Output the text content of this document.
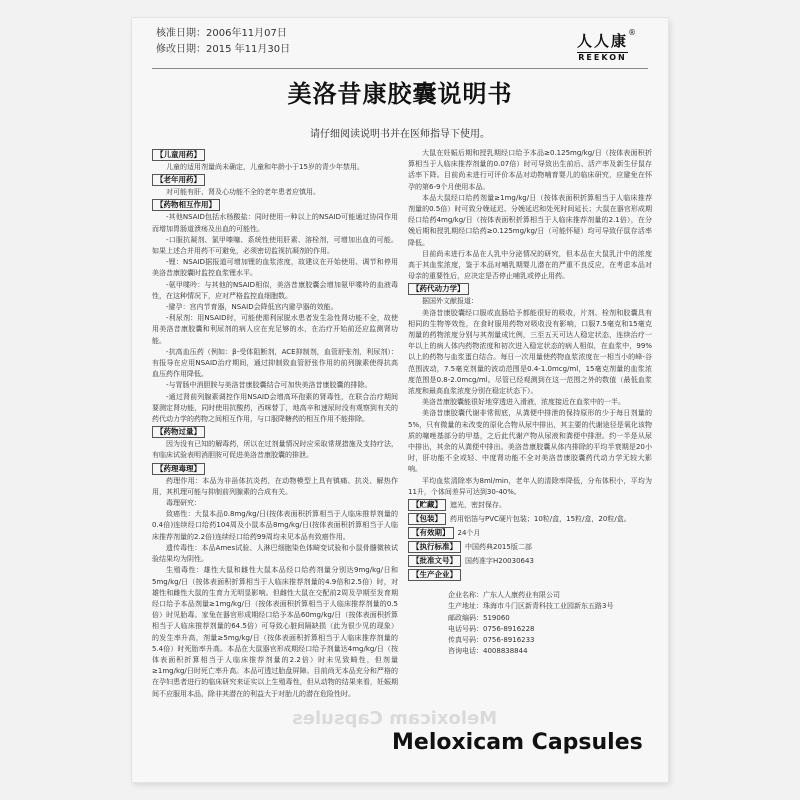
核准日期：2006年11月07日
修改日期：2015 年11月30日	人人康
REEKON
®
美洛昔康胶囊说明书
请仔细阅读说明书并在医师指导下使用。
【儿童用药】

儿童的适用剂量尚未确定，儿童和年龄小于15岁的青少年禁用。

【老年用药】

对可能有肝、肾及心功能不全的老年患者应慎用。

【药物相互作用】

-其他NSAID包括水杨酸盐：同时使用一种以上的NSAID可能通过协同作用而增加胃肠道溃疡及出血的可能性。

-口服抗凝剂、氯甲嗪噻、系统性使用肝素、溶栓剂，可增加出血的可能。如果上述合并用药不可避免，必须密切监视抗凝剂的作用。

-锂：NSAID据报道可增加锂的血浆浓度，故建议在开始使用、调节和停用美洛昔康胶囊时监控血浆锂水平。

-氨甲喋呤：与其他的NSAID相似，美洛昔康胶囊会增加氨甲喋呤的血液毒性，在这种情况下，应对严格监控血细胞数。

-避孕：宫内节育器，NSAID会降低宫内避孕器的效能。

-利尿剂：用NSAID时，可能使需利尿脱水患者发生急性肾功能不全，故使用美洛昔康胶囊和利尿剂的病人应在充足够的水，在治疗开始前还应监测肾功能。

-抗高血压药（例如：β-受体阻断剂，ACE抑制剂，血管舒张剂，利尿剂）：有报导在应用NSAID治疗期间，通过抑制致血管舒张作用的前列腺素使得抗高血压药作用降低。

-与胃肠中消胆胺与美洛昔康胶囊结合可加快美洛昔康胶囊的排除。

-通过肾前列腺素调控作用NSAID会增高环孢素的肾毒性，在联合治疗期间要测定肾功能，同时使用抗酸药，西咪替丁，地高辛和速尿时没有观察到有关的药代动力学的药物之间相互作用，与口服降糖药的相互作用不能排除。

【药物过量】

因为没有已知的解毒药，所以在过剂量情况时应采取常规措施及支持疗法，有临床试验表明消胆胺可促进美洛昔康胶囊的排泄。

【药理毒理】

药理作用：本品为非甾体抗炎药，在动物模型上具有镇痛、抗炎、解热作用，其机理可能与抑制前列腺素的合成有关。

毒理研究：

致癌性：大鼠本品0.8mg/kg/日(按体表面积折算相当于人临床推荐剂量的0.4倍)连续经口给药104周及小鼠本品8mg/kg/日(按体表面积折算相当于人临床推荐剂量的2.2倍)连续经口给药99周均未见本品有致癌作用。

遗传毒性：本品Ames试验、人淋巴细胞染色体畸变试验和小鼠骨髓微核试验结果均为阴性。

生殖毒性：雄性大鼠和雌性大鼠本品经口给药剂量分别达9mg/kg/日和5mg/kg/日（按体表面积折算相当于人临床推荐剂量的4.9倍和2.5倍）时，对雄性和雌性大鼠的生育力无明显影响。但雌性大鼠在交配前2周及孕期至发育期经口给予本品剂量≥1mg/kg/日（按体表面积折算相当于人临床推荐剂量的0.5倍）时见胎毒。家兔在器官形成期经口给予本品60mg/kg/日（按体表面积折算相当于人临床推荐剂量的64.5倍）可导致心脏间隔缺损（此为很少见的现象）的发生率升高，剂量≥5mg/kg/日（按体表面积折算相当于人临床推荐剂量的5.4倍）时死胎率升高。本品在大鼠器官形成期经口给予剂量达4mg/kg/日（按体表面积折算相当于人临床推荐剂量的2.2倍）时未见致畸性，但剂量≥1mg/kg/日时死亡率升高。本品可透过胎盘屏障。目前尚无本品充分和严格的在孕妇患者进行的临床研究来证实以上生殖毒性，但从动物的结果来看，妊娠期间不应服用本品，除非其潜在的利益大于对胎儿的潜在危险性时。

大鼠在妊娠后期和授乳期经口给予本品≥0.125mg/kg/日（按体表面积折算相当于人临床推荐剂量的0.07倍）时可导致出生前后、活产率及新生仔鼠存活率下降。目前尚未进行可评价本品对动物哺育婴儿的临床研究，应避免在怀孕的第6-9个月使用本品。

本品大鼠经口给药剂量≥1mg/kg/日（按体表面积折算相当于人临床推荐剂量的0.5倍）时可致分娩延迟、分娩延迟和处死时间延长；大鼠在器官形成期经口给药4mg/kg/日（按体表面积折算相当于人临床推荐剂量的2.1倍），在分娩后期和授乳期经口给药≥0.125mg/kg/日（可能怀疑）均可导致仔鼠存活率降低。

目前尚未进行本品在人乳中分泌情况的研究，但本品在大鼠乳汁中的浓度高于其血浆浓度，鉴于本品对哺乳期婴儿潜在的严重不良反应，在考虑本品对母亲的重要性后，应决定是否停止哺乳或停止用药。

【药代动力学】

据国外文献报道：

美洛昔康胶囊经口服或直肠给予都能很好的吸收，片剂、栓剂和胶囊具有相同的生物等效性，在食时服用药物对吸收没有影响，口服7.5毫克和15毫克剂量的药物浓度分别与其剂量成比例，三至五天可达人稳定状态，连续治疗一年以上的病人体内药物浓度和初次进入稳定状态的病人相似，在血浆中，99%以上的药物与血浆蛋白结合。每日一次用量使药物血浆浓度在一相当小的峰-谷范围波动，7.5毫克剂量的波动范围是0.4-1.0mcg/ml，15毫克剂量的血浆浓度范围是0.8-2.0mcg/ml。尽管已经观测到在这一范围之外的数值（最低血浆浓度和最高血浆浓度分别在稳定状态下）。

美洛昔康胶囊能很好地穿透进入滑液，浓度接近在血浆中的一半。

美洛昔康胶囊代谢非常彻底，从粪便中排泄的保持原形的少于每日剂量的5%，只有微量的未改变的原化合物从尿中排出，其主要的代谢途径是氧化该物质的噻唑基部分的甲基，之后此代谢产物从尿液和粪便中排泄。约一半是从尿中排出，其余的从粪便中排出。美洛昔康胶囊从体内排除的平均半衰期是20小时，肝功能不全或轻、中度肾功能不全对美洛昔康胶囊药代动力学无较大影响。

平均血浆清除率为8ml/min，老年人的清除率降低，分布体积小，平均为11升，个体间差异可达到30-40%。

【贮藏】 遮光，密封保存。
【包装】 药用铝箔与PVC硬片包装；10粒/盒，15粒/盒，20粒/盒。
【有效期】 24个月
【执行标准】 中国药典2015版二部
【批准文号】 国药准字H20030643
【生产企业】
企业名称：广东人人康药业有限公司
生产地址：珠海市斗门区新青科技工业园新东五路3号
邮政编码：519060
电话号码：0756-8916228
传真号码：0756-8916233
咨询电话：4008838844
Meloxicam Capsules
Meloxicam Capsules
